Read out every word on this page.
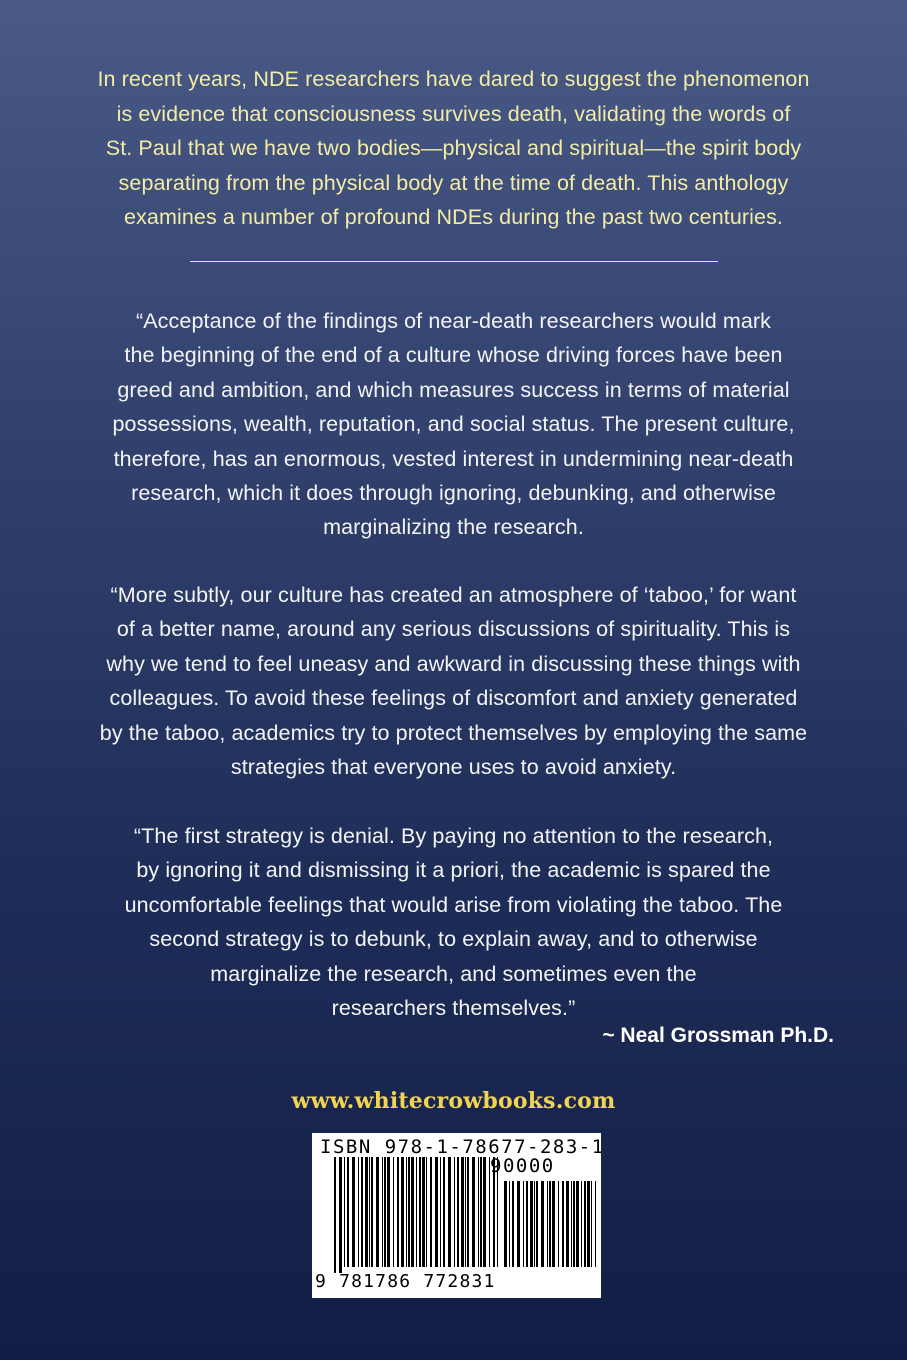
In recent years, NDE researchers have dared to suggest the phenomenon
is evidence that consciousness survives death, validating the words of
St. Paul that we have two bodies—physical and spiritual—the spirit body
separating from the physical body at the time of death. This anthology
examines a number of profound NDEs during the past two centuries.

“Acceptance of the findings of near-death researchers would mark
the beginning of the end of a culture whose driving forces have been
greed and ambition, and which measures success in terms of material
possessions, wealth, reputation, and social status. The present culture,
therefore, has an enormous, vested interest in undermining near-death
research, which it does through ignoring, debunking, and otherwise
marginalizing the research.

“More subtly, our culture has created an atmosphere of ‘taboo,’ for want
of a better name, around any serious discussions of spirituality. This is
why we tend to feel uneasy and awkward in discussing these things with
colleagues. To avoid these feelings of discomfort and anxiety generated
by the taboo, academics try to protect themselves by employing the same
strategies that everyone uses to avoid anxiety.

“The first strategy is denial. By paying no attention to the research,
by ignoring it and dismissing it a priori, the academic is spared the
uncomfortable feelings that would arise from violating the taboo. The
second strategy is to debunk, to explain away, and to otherwise
marginalize the research, and sometimes even the
researchers themselves.”

~ Neal Grossman Ph.D.

www.whitecrowbooks.com

ISBN 978-1-78677-283-1

90000

9 781786 772831
